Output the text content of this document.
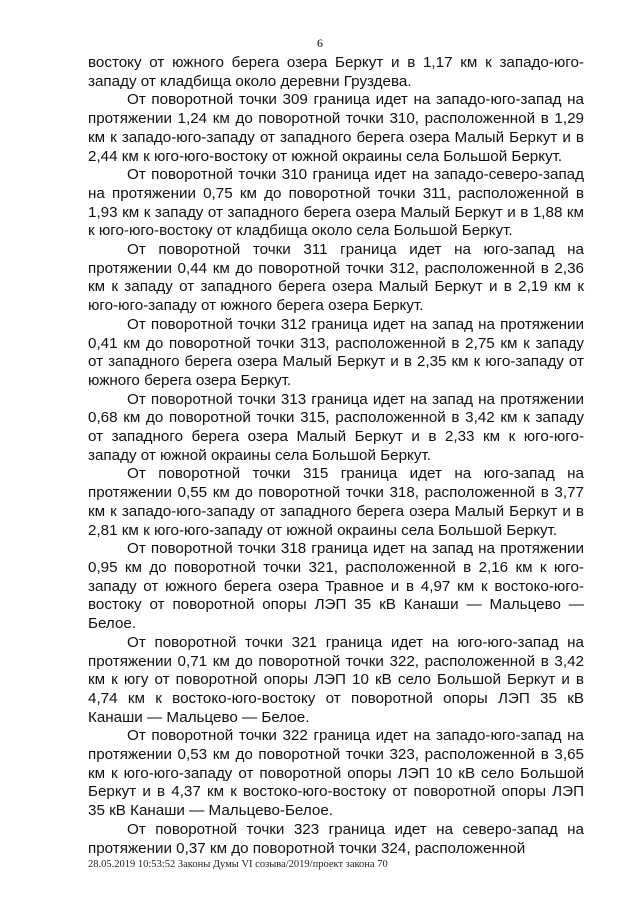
6

востоку от южного берега озера Беркут и в 1,17 км к западо-юго-западу от кладбища около деревни Груздева.

От поворотной точки 309 граница идет на западо-юго-запад на протяжении 1,24 км до поворотной точки 310, расположенной в 1,29 км к западо-юго-западу от западного берега озера Малый Беркут и в 2,44 км к юго-юго-востоку от южной окраины села Большой Беркут.

От поворотной точки 310 граница идет на западо-северо-запад на протяжении 0,75 км до поворотной точки 311, расположенной в 1,93 км к западу от западного берега озера Малый Беркут и в 1,88 км к юго-юго-востоку от кладбища около села Большой Беркут.

От поворотной точки 311 граница идет на юго-запад на протяжении 0,44 км до поворотной точки 312, расположенной в 2,36 км к западу от западного берега озера Малый Беркут и в 2,19 км к юго-юго-западу от южного берега озера Беркут.

От поворотной точки 312 граница идет на запад на протяжении 0,41 км до поворотной точки 313, расположенной в 2,75 км к западу от западного берега озера Малый Беркут и в 2,35 км к юго-западу от южного берега озера Беркут.

От поворотной точки 313 граница идет на запад на протяжении 0,68 км до поворотной точки 315, расположенной в 3,42 км к западу от западного берега озера Малый Беркут и в 2,33 км к юго-юго-западу от южной окраины села Большой Беркут.

От поворотной точки 315 граница идет на юго-запад на протяжении 0,55 км до поворотной точки 318, расположенной в 3,77 км к западо-юго-западу от западного берега озера Малый Беркут и в 2,81 км к юго-юго-западу от южной окраины села Большой Беркут.

От поворотной точки 318 граница идет на запад на протяжении 0,95 км до поворотной точки 321, расположенной в 2,16 км к юго-западу от южного берега озера Травное и в 4,97 км к востоко-юго-востоку от поворотной опоры ЛЭП 35 кВ Канаши — Мальцево — Белое.

От поворотной точки 321 граница идет на юго-юго-запад на протяжении 0,71 км до поворотной точки 322, расположенной в 3,42 км к югу от поворотной опоры ЛЭП 10 кВ село Большой Беркут и в 4,74 км к востоко-юго-востоку от поворотной опоры ЛЭП 35 кВ Канаши — Мальцево — Белое.

От поворотной точки 322 граница идет на западо-юго-запад на протяжении 0,53 км до поворотной точки 323, расположенной в 3,65 км к юго-юго-западу от поворотной опоры ЛЭП 10 кВ село Большой Беркут и в 4,37 км к востоко-юго-востоку от поворотной опоры ЛЭП 35 кВ Канаши — Мальцево-Белое.

От поворотной точки 323 граница идет на северо-запад на протяжении 0,37 км до поворотной точки 324, расположенной

28.05.2019 10:53:52 Законы Думы VI созыва/2019/проект закона 70
